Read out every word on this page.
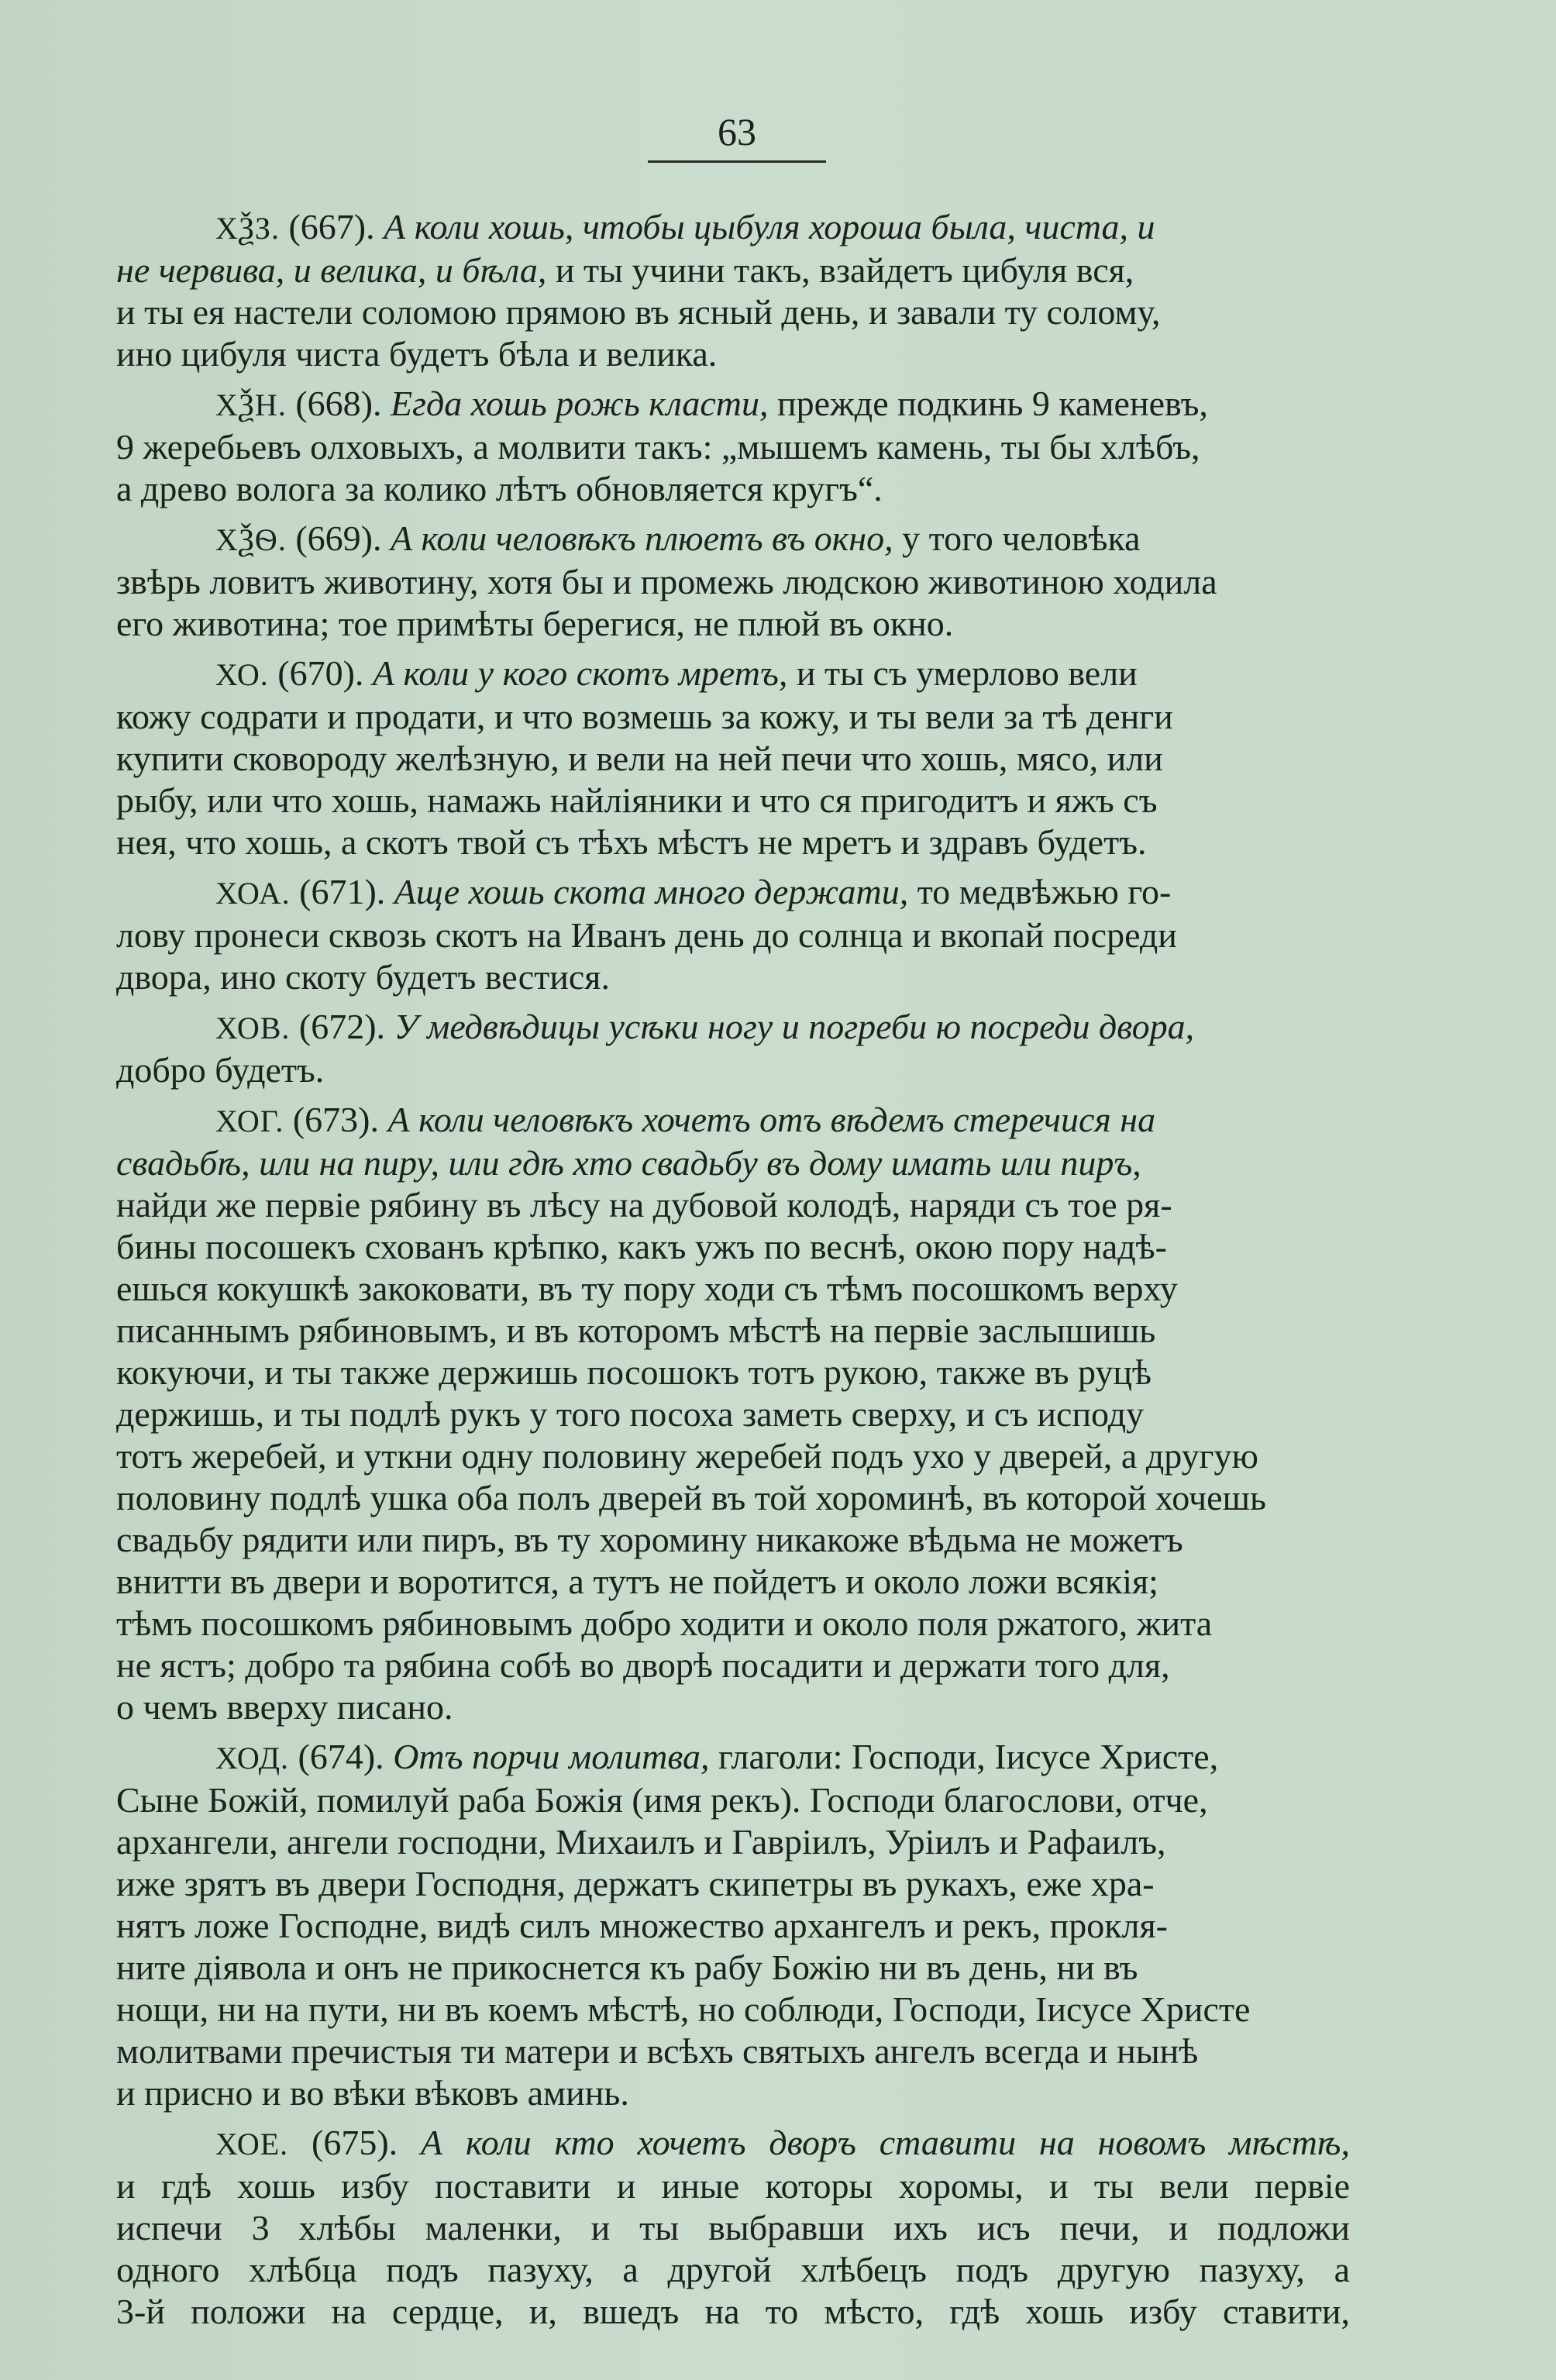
63
ХѮЗ. (667). А коли хошь, чтобы цыбуля хороша была, чиста, и
не червива, и велика, и бѣла, и ты учини такъ, взайдетъ цибуля вся,
и ты ея настели соломою прямою въ ясный день, и завали ту солому,
ино цибуля чиста будетъ бѣла и велика.
ХѮН. (668). Егда хошь рожь класти, прежде подкинь 9 каменевъ,
9 жеребьевъ олховыхъ, а молвити такъ: „мышемъ камень, ты бы хлѣбъ,
а древо волога за колико лѣтъ обновляется кругъ“.
ХѮѲ. (669). А коли человѣкъ плюетъ въ окно, у того человѣка
звѣрь ловитъ животину, хотя бы и промежь людскою животиною ходила
его животина; тое примѣты берегися, не плюй въ окно.
ХО. (670). А коли у кого скотъ мретъ, и ты съ умерлово вели
кожу содрати и продати, и что возмешь за кожу, и ты вели за тѣ денги
купити сковороду желѣзную, и вели на ней печи что хошь, мясо, или
рыбу, или что хошь, намажь найліяники и что ся пригодитъ и яжъ съ
нея, что хошь, а скотъ твой съ тѣхъ мѣстъ не мретъ и здравъ будетъ.
ХОА. (671). Аще хошь скота много держати, то медвѣжью го-
лову пронеси сквозь скотъ на Иванъ день до солнца и вкопай посреди
двора, ино скоту будетъ вестися.
ХОВ. (672). У медвѣдицы усѣки ногу и погреби ю посреди двора,
добро будетъ.
ХОГ. (673). А коли человѣкъ хочетъ отъ вѣдемъ стеречися на
свадьбѣ, или на пиру, или гдѣ хто свадьбу въ дому имать или пиръ,
найди же первіе рябину въ лѣсу на дубовой колодѣ, наряди съ тое ря-
бины посошекъ схованъ крѣпко, какъ ужъ по веснѣ, окою пору надѣ-
ешься кокушкѣ закоковати, въ ту пору ходи съ тѣмъ посошкомъ верху
писаннымъ рябиновымъ, и въ которомъ мѣстѣ на первіе заслышишь
кокуючи, и ты также держишь посошокъ тотъ рукою, также въ руцѣ
держишь, и ты подлѣ рукъ у того посоха заметь сверху, и съ исподу
тотъ жеребей, и уткни одну половину жеребей подъ ухо у дверей, а другую
половину подлѣ ушка оба полъ дверей въ той хороминѣ, въ которой хочешь
свадьбу рядити или пиръ, въ ту хоромину никакоже вѣдьма не можетъ
внитти въ двери и воротится, а тутъ не пойдетъ и около ложи всякія;
тѣмъ посошкомъ рябиновымъ добро ходити и около поля ржатого, жита
не ястъ; добро та рябина собѣ во дворѣ посадити и держати того для,
о чемъ вверху писано.
ХОД. (674). Отъ порчи молитва, глаголи: Господи, Іисусе Христе,
Сыне Божій, помилуй раба Божія (имя рекъ). Господи благослови, отче,
архангели, ангели господни, Михаилъ и Гавріилъ, Уріилъ и Рафаилъ,
иже зрятъ въ двери Господня, держатъ скипетры въ рукахъ, еже хра-
нятъ ложе Господне, видѣ силъ множество архангелъ и рекъ, прокля-
ните діявола и онъ не прикоснется къ рабу Божію ни въ день, ни въ
нощи, ни на пути, ни въ коемъ мѣстѣ, но соблюди, Господи, Іисусе Христе
молитвами пречистыя ти матери и всѣхъ святыхъ ангелъ всегда и нынѣ
и присно и во вѣки вѣковъ аминь.
ХОЕ. (675). А коли кто хочетъ дворъ ставити на новомъ мѣстѣ,
и гдѣ хошь избу поставити и иные которы хоромы, и ты вели первіе
испечи 3 хлѣбы маленки, и ты выбравши ихъ исъ печи, и подложи
одного хлѣбца подъ пазуху, а другой хлѣбецъ подъ другую пазуху, а
3-й положи на сердце, и, вшедъ на то мѣсто, гдѣ хошь избу ставити,
